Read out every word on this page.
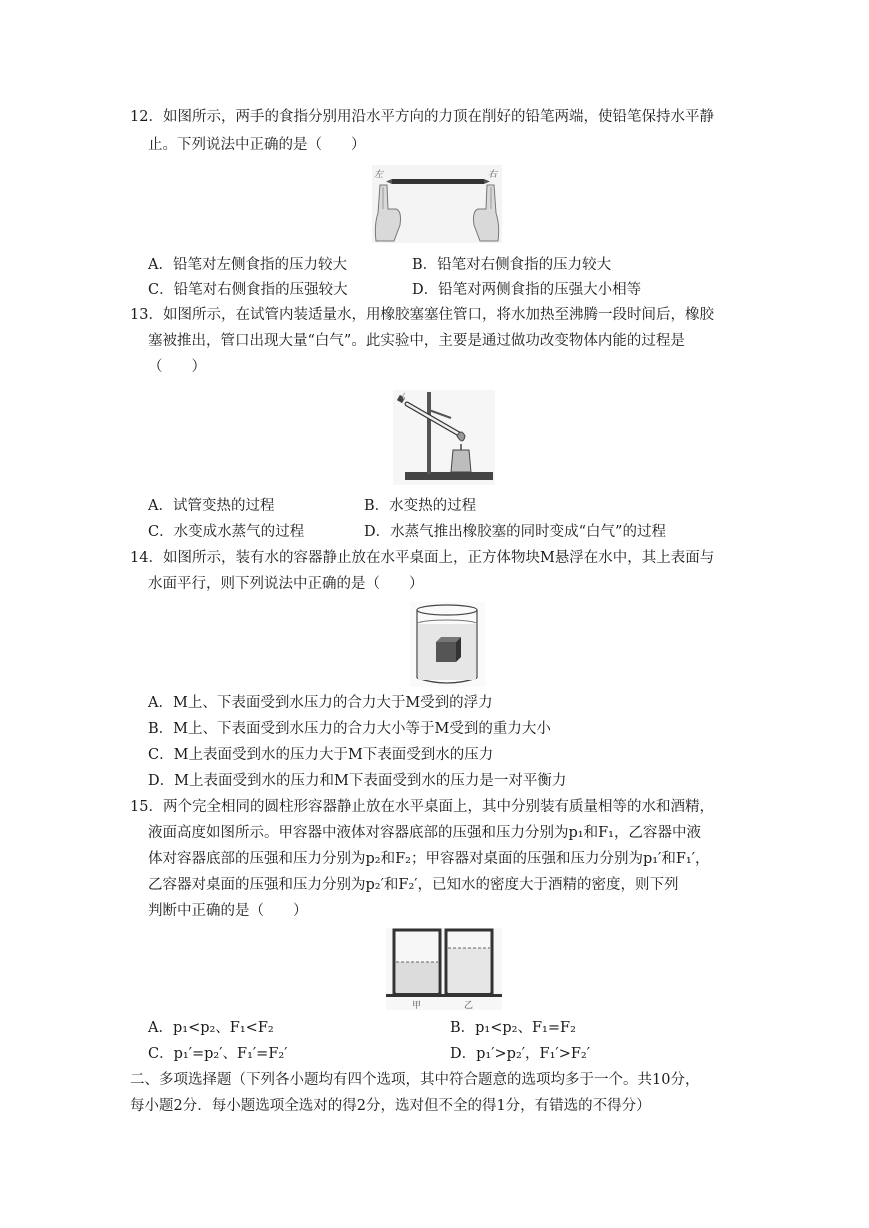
12．如图所示，两手的食指分别用沿水平方向的力顶在削好的铅笔两端，使铅笔保持水平静
止。下列说法中正确的是（　　）
左	右
A．铅笔对左侧食指的压力较大	B．铅笔对右侧食指的压力较大
C．铅笔对右侧食指的压强较大	D．铅笔对两侧食指的压强大小相等
13．如图所示，在试管内装适量水，用橡胶塞塞住管口，将水加热至沸腾一段时间后，橡胶
塞被推出，管口出现大量“白气”。此实验中，主要是通过做功改变物体内能的过程是
（　　）
A．试管变热的过程	B．水变热的过程
C．水变成水蒸气的过程	D．水蒸气推出橡胶塞的同时变成“白气”的过程
14．如图所示，装有水的容器静止放在水平桌面上，正方体物块M悬浮在水中，其上表面与
水面平行，则下列说法中正确的是（　　）
A．M上、下表面受到水压力的合力大于M受到的浮力
B．M上、下表面受到水压力的合力大小等于M受到的重力大小
C．M上表面受到水的压力大于M下表面受到水的压力
D．M上表面受到水的压力和M下表面受到水的压力是一对平衡力
15．两个完全相同的圆柱形容器静止放在水平桌面上，其中分别装有质量相等的水和酒精，
液面高度如图所示。甲容器中液体对容器底部的压强和压力分别为p₁和F₁，乙容器中液
体对容器底部的压强和压力分别为p₂和F₂；甲容器对桌面的压强和压力分别为p₁′和F₁′，
乙容器对桌面的压强和压力分别为p₂′和F₂′，已知水的密度大于酒精的密度，则下列
判断中正确的是（　　）
甲	乙
A．p₁<p₂、F₁<F₂	B．p₁<p₂、F₁=F₂
C．p₁′=p₂′、F₁′=F₂′	D．p₁′>p₂′，F₁′>F₂′
二、多项选择题（下列各小题均有四个选项，其中符合题意的选项均多于一个。共10分，
每小题2分．每小题选项全选对的得2分，选对但不全的得1分，有错选的不得分）
